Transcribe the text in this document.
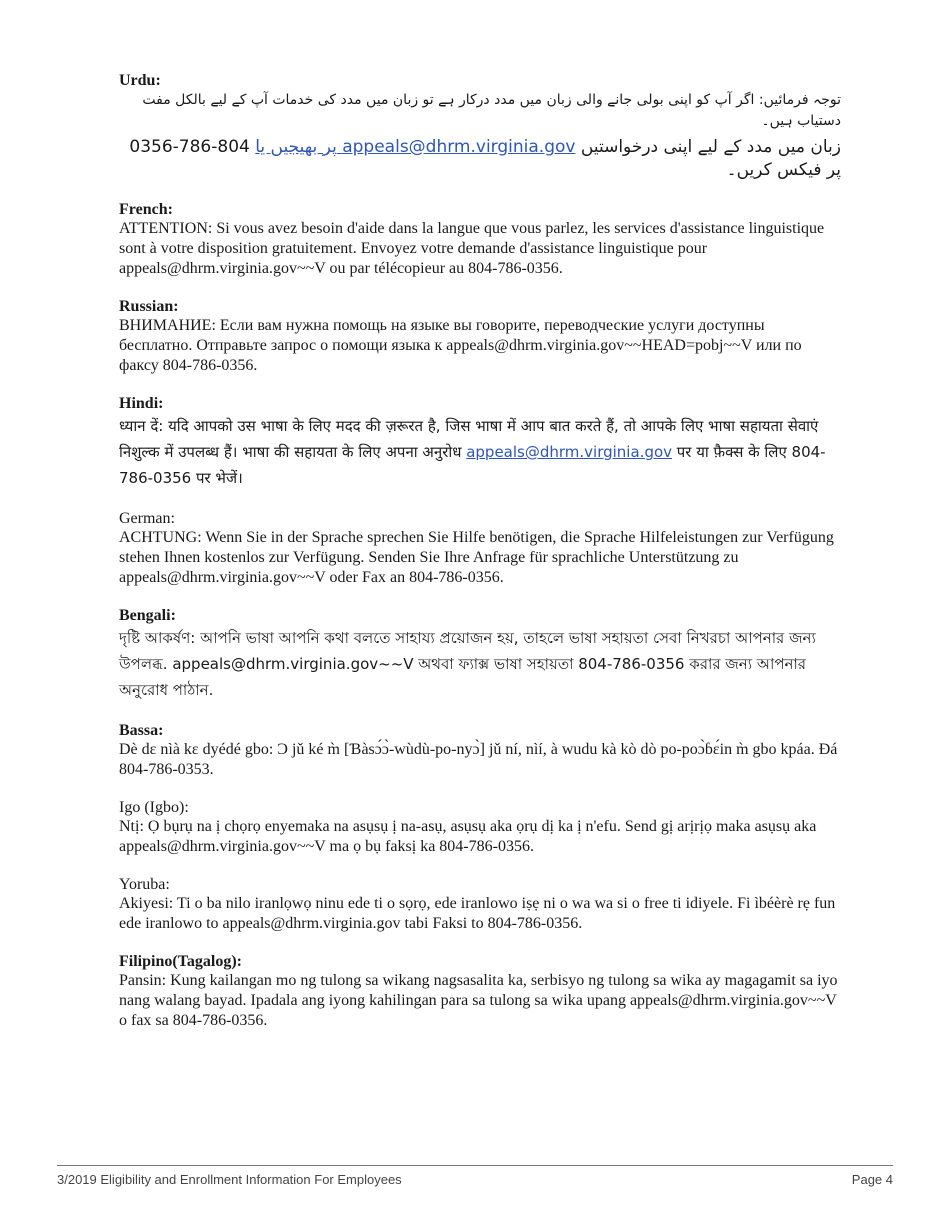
Urdu:
توجہ فرمائیں: اگر آپ کو اپنی بولی جانے والی زبان میں مدد درکار ہے تو زبان میں مدد کی خدمات آپ کے لیے بالکل مفت دستیاب ہیں۔
زبان میں مدد کے لیے اپنی درخواستیں appeals@dhrm.virginia.gov پر بھیجیں یا 804-786-0356 پر فیکس کریں۔
French:
ATTENTION: Si vous avez besoin d'aide dans la langue que vous parlez, les services d'assistance linguistique sont à votre disposition gratuitement. Envoyez votre demande d'assistance linguistique pour appeals@dhrm.virginia.gov~~V ou par télécopieur au 804-786-0356.
Russian:
ВНИМАНИЕ: Если вам нужна помощь на языке вы говорите, переводческие услуги доступны бесплатно. Отправьте запрос о помощи языка к appeals@dhrm.virginia.gov~~HEAD=pobj~~V или по факсу 804-786-0356.
Hindi:
ध्यान दें: यदि आपको उस भाषा के लिए मदद की ज़रूरत है, जिस भाषा में आप बात करते हैं, तो आपके लिए भाषा सहायता सेवाएं निशुल्क में उपलब्ध हैं। भाषा की सहायता के लिए अपना अनुरोध appeals@dhrm.virginia.gov पर या फ़ैक्स के लिए 804-786-0356 पर भेजें।
German:
ACHTUNG: Wenn Sie in der Sprache sprechen Sie Hilfe benötigen, die Sprache Hilfeleistungen zur Verfügung stehen Ihnen kostenlos zur Verfügung. Senden Sie Ihre Anfrage für sprachliche Unterstützung zu appeals@dhrm.virginia.gov~~V oder Fax an 804-786-0356.
Bengali:
দৃষ্টি আকর্ষণ: আপনি ভাষা আপনি কথা বলতে সাহায্য প্রয়োজন হয়, তাহলে ভাষা সহায়তা সেবা নিখরচা আপনার জন্য উপলব্ধ. appeals@dhrm.virginia.gov~~V অথবা ফ্যাক্স ভাষা সহায়তা 804-786-0356 করার জন্য আপনার অনুরোধ পাঠান.
Bassa:
Dè dɛ nìà kɛ dyédé gbo: Ɔ jǔ ké m̀ [Ɓàsɔ́ɔ̀-wùdù-po-nyɔ̀] jǔ ní, nìí, à wudu kà kò dò po-poɔ̀ɓɛ́in m̀ gbo kpáa. Ɖá 804-786-0353.
Igo (Igbo):
Ntị: Ọ bụrụ na ị chọrọ enyemaka na asụsụ ị na-asụ, asụsụ aka ọrụ dị ka ị n'efu. Send gị arịrịọ maka asụsụ aka appeals@dhrm.virginia.gov~~V ma ọ bụ faksị ka 804-786-0356.
Yoruba:
Akiyesi: Ti o ba nilo iranlọwọ ninu ede ti o sọrọ, ede iranlowo iṣẹ ni o wa wa si o free ti idiyele. Fi ìbéèrè rẹ fun ede iranlowo to appeals@dhrm.virginia.gov tabi Faksi to 804-786-0356.
Filipino(Tagalog):
Pansin: Kung kailangan mo ng tulong sa wikang nagsasalita ka, serbisyo ng tulong sa wika ay magagamit sa iyo nang walang bayad. Ipadala ang iyong kahilingan para sa tulong sa wika upang appeals@dhrm.virginia.gov~~V o fax sa 804-786-0356.
3/2019 Eligibility and Enrollment Information For Employees	Page 4
